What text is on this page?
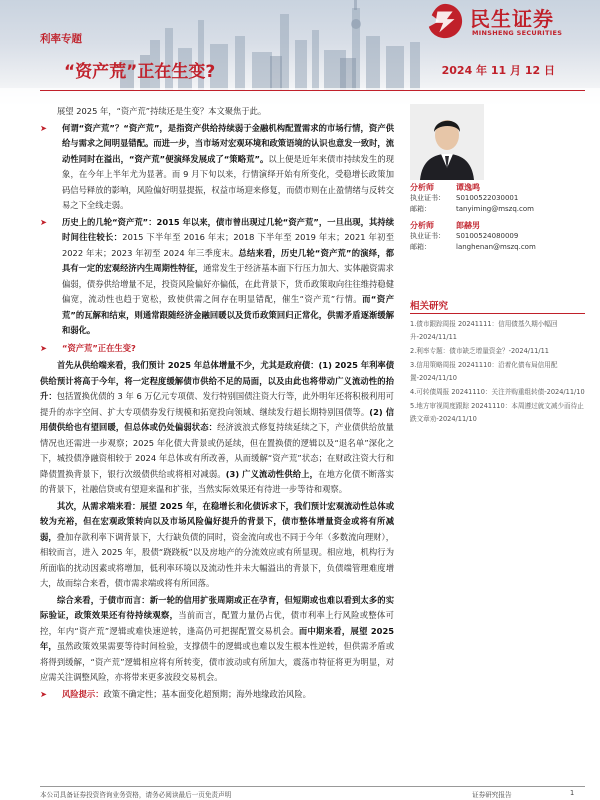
民生证券
MINSHENG SECURITIES
利率专题
“资产荒”正在生变?	2024 年 11 月 12 日

展望 2025 年，“资产荒”持续还是生变？本文聚焦于此。

➤ 何谓“资产荒”？“资产荒”，是指资产供给持续弱于金融机构配置需求的市场行情，资产供给与需求之间明显错配。而进一步，当市场对宏观环境和政策语境的认识也意发一致时，流动性同时在溢出，“资产荒”便演绎发展成了“策略荒”。以上便是近年来债市持续发生的现象，在今年上半年尤为显著。而 9 月下旬以来，行情演绎开始有所变化，受稳增长政策加码信号释放的影响，风险偏好明显提振，权益市场迎来修复，而债市则在止盈情绪与反转交易之下全线走弱。

➤ 历史上的几轮“资产荒”：2015 年以来，债市曾出现过几轮“资产荒”，一旦出现，其持续时间往往较长：2015 下半年至 2016 年末；2018 下半年至 2019 年末；2021 年初至 2022 年末；2023 年初至 2024 年三季度末。总结来看，历史几轮“资产荒”的演绎，都具有一定的宏观经济内生周期性特征，通常发生于经济基本面下行压力加大、实体融资需求偏弱，债券供给增量不足，投资风险偏好亦偏低，在此背景下，货币政策取向往往维持稳健偏宽，流动性也趋于宽松，致使供需之间存在明显错配，催生“资产荒”行情。而“资产荒”的瓦解和结束，则通常跟随经济金融回暖以及货币政策回归正常化，供需矛盾逐渐缓解和弱化。

➤ “资产荒”正在生变?

首先从供给端来看，我们预计 2025 年总体增量不少，尤其是政府债：(1) 2025 年利率债供给预计将高于今年，将一定程度缓解债市供给不足的局面，以及由此也将带动广义流动性的抬升：包括置换优债的 3 年 6 万亿元专项债、发行特别国债注资大行等，此外明年还将积极利用可提升的赤字空间、扩大专项债券发行规模和拓宽投向领域、继续发行超长期特别国债等。(2) 信用债供给也有望回暖，但总体或仍处偏弱状态：经济波浪式修复持续延续之下，产业债供给放量情况也还需进一步观察；2025 年化债大背景或仍延续，但在置换债的逻辑以及“退名单”深化之下，城投债净融资相较于 2024 年总体或有所改善，从而缓解“资产荒”状态；在财政注资大行和降债置换背景下，银行次级债供给或将相对减弱。(3) 广义流动性供给上，在地方化债不断落实的背景下，社融信贷或有望迎来温和扩张，当然实际效果还有待进一步等待和观察。

其次，从需求端来看：展望 2025 年，在稳增长和化债诉求下，我们预计宏观流动性总体或较为充裕，但在宏观政策转向以及市场风险偏好提升的背景下，债市整体增量资金或将有所减弱，叠加存款利率下调背景下，大行缺负债的同时，资金流向或也不同于今年（多数流向理财），相较而言，进入 2025 年，股债“跷跷板”以及房地产的分流效应或有所显现。相应地，机构行为所面临的扰动因素或将增加，低利率环境以及流动性并未大幅溢出的背景下，负债端管理难度增大，故而综合来看，债市需求端或将有所回落。

综合来看，于债市而言：新一轮的信用扩张周期或正在孕育，但短期或也难以看到太多的实际验证，政策效果还有待持续观察，当前而言，配置力量仍占优，债市利率上行风险或整体可控，年内“资产荒”逻辑或难快速逆转，逢高仍可把握配置交易机会。而中期来看，展望 2025 年，虽然政策效果需要等待时间检验，支撑债牛的逻辑或也难以发生根本性逆转，但供需矛盾或将得到缓解，“资产荒”逻辑相应将有所转变，债市波动或有所加大，震荡市特征将更为明显，对应需关注调整风险，亦将带来更多波段交易机会。

➤ 风险提示：政策不确定性；基本面变化超预期；海外地缘政治风险。

分析师	谭逸鸣
执业证书：	S0100522030001
邮箱：	tanyiming@mszq.com
分析师	郎赫男
执业证书：	S0100524080009
邮箱：	langhenan@mszq.com
相关研究
1.债市跟踪周报 20241111：信用债基久期小幅回升-2024/11/11
2.利率专题：债市缺乏增量资金？-2024/11/11
3.信用策略周报 20241110：沿着化债布局信用配置-2024/11/10
4.可转债周报 20241110：关注并购重组转债-2024/11/10
5.地方审视周度跟踪 20241110：本周遵过就文减少而待止跌文章劝-2024/11/10
本公司具备证券投资咨询业务资格，请务必阅读最后一页免责声明	证券研究报告	1
